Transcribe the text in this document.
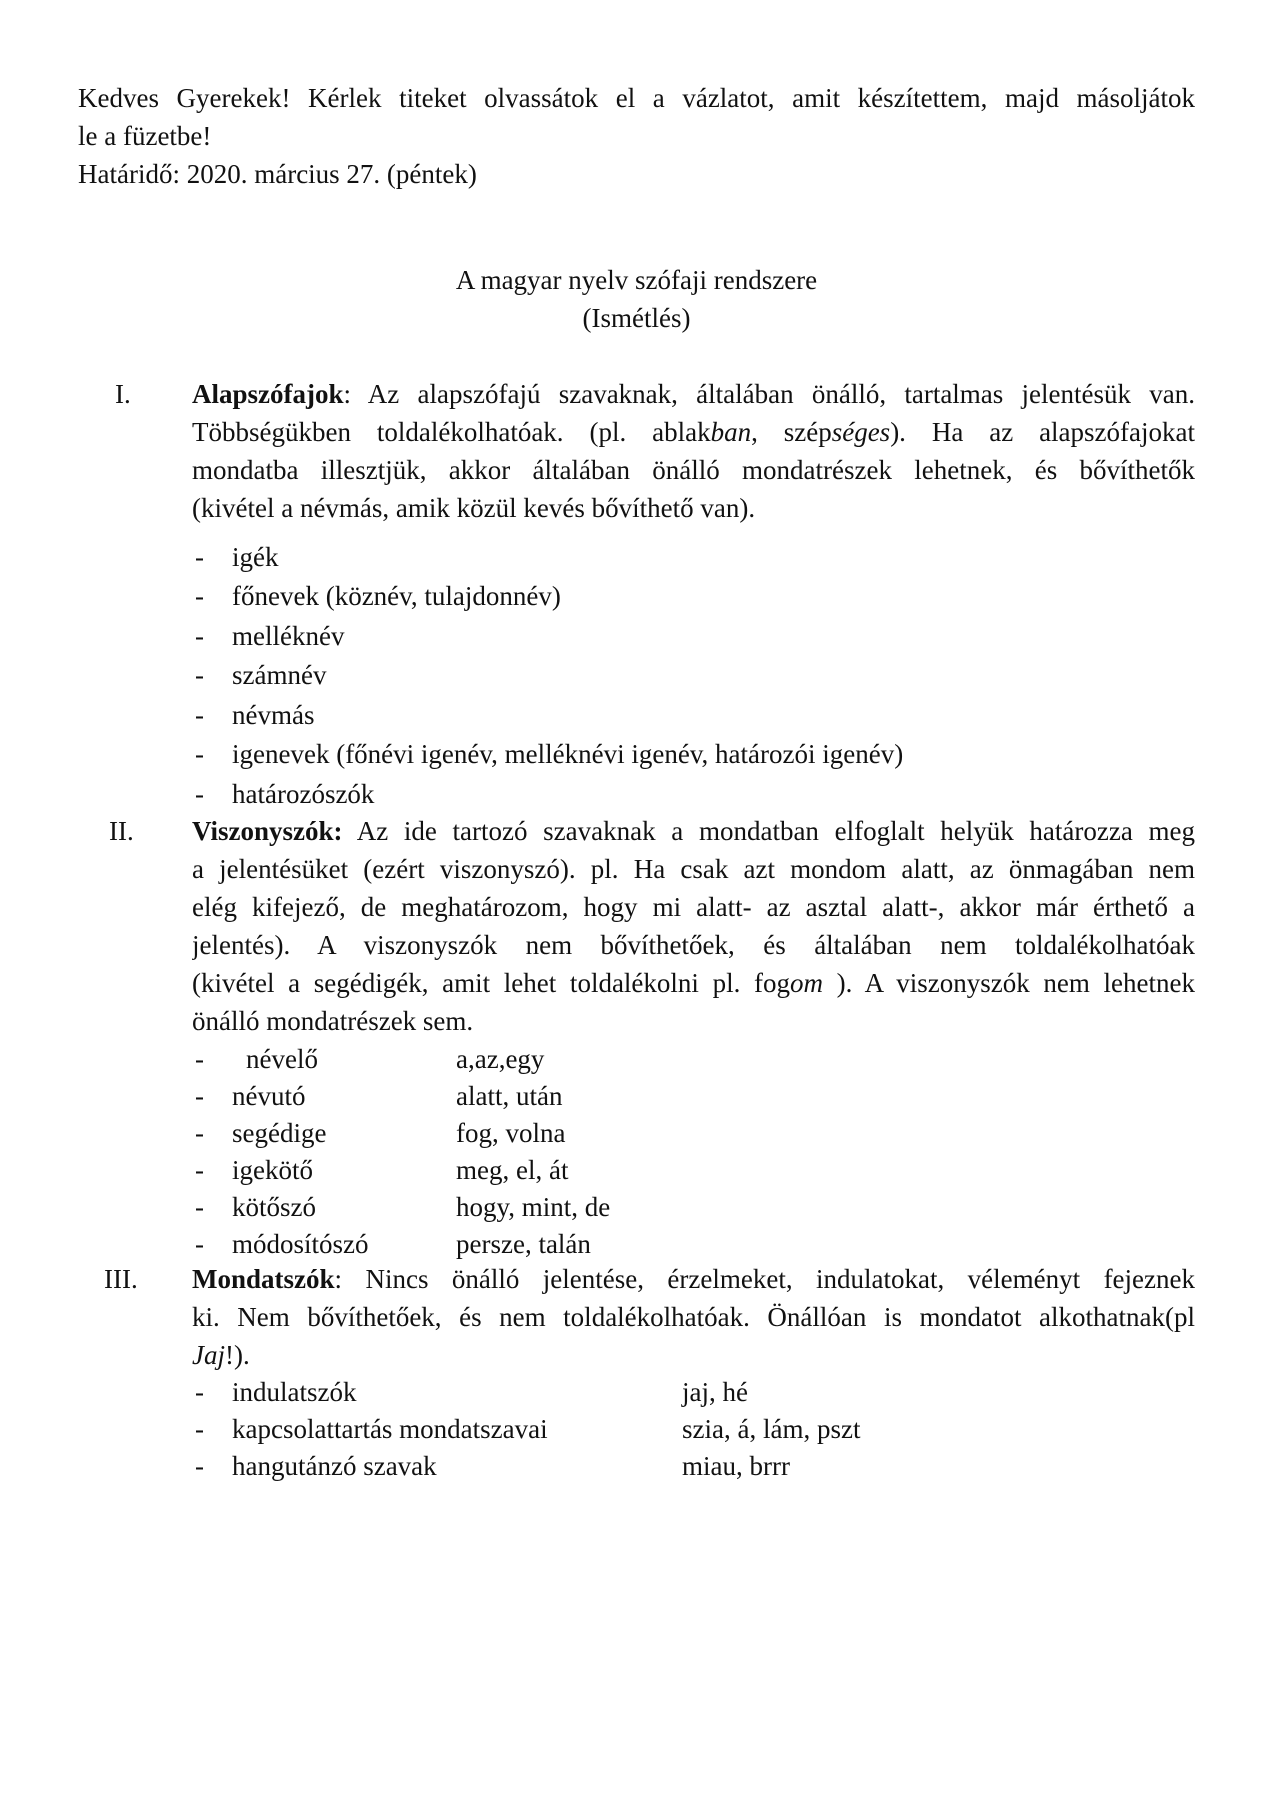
Kedves Gyerekek! Kérlek titeket olvassátok el a vázlatot, amit készítettem, majd másoljátok
le a füzetbe!
Határidő: 2020. március 27. (péntek)
A magyar nyelv szófaji rendszere
(Ismétlés)
I. Alapszófajok: Az alapszófajú szavaknak, általában önálló, tartalmas jelentésük van.
Többségükben toldalékolhatóak. (pl. ablakban, szépséges). Ha az alapszófajokat
mondatba illesztjük, akkor általában önálló mondatrészek lehetnek, és bővíthetők
(kivétel a névmás, amik közül kevés bővíthető van).
- igék
- főnevek (köznév, tulajdonnév)
- melléknév
- számnév
- névmás
- igenevek (főnévi igenév, melléknévi igenév, határozói igenév)
- határozószók
II. Viszonyszók: Az ide tartozó szavaknak a mondatban elfoglalt helyük határozza meg
a jelentésüket (ezért viszonyszó). pl. Ha csak azt mondom alatt, az önmagában nem
elég kifejező, de meghatározom, hogy mi alatt- az asztal alatt-, akkor már érthető a
jelentés). A viszonyszók nem bővíthetőek, és általában nem toldalékolhatóak
(kivétel a segédigék, amit lehet toldalékolni pl. fogom ). A viszonyszók nem lehetnek
önálló mondatrészek sem.
- névelő	a,az,egy
- névutó	alatt, után
- segédige	fog, volna
- igekötő	meg, el, át
- kötőszó	hogy, mint, de
- módosítószó	persze, talán
III. Mondatszók: Nincs önálló jelentése, érzelmeket, indulatokat, véleményt fejeznek
ki. Nem bővíthetőek, és nem toldalékolhatóak. Önállóan is mondatot alkothatnak(pl
Jaj!).
- indulatszók	jaj, hé
- kapcsolattartás mondatszavai	szia, á, lám, pszt
- hangutánzó szavak	miau, brrr
